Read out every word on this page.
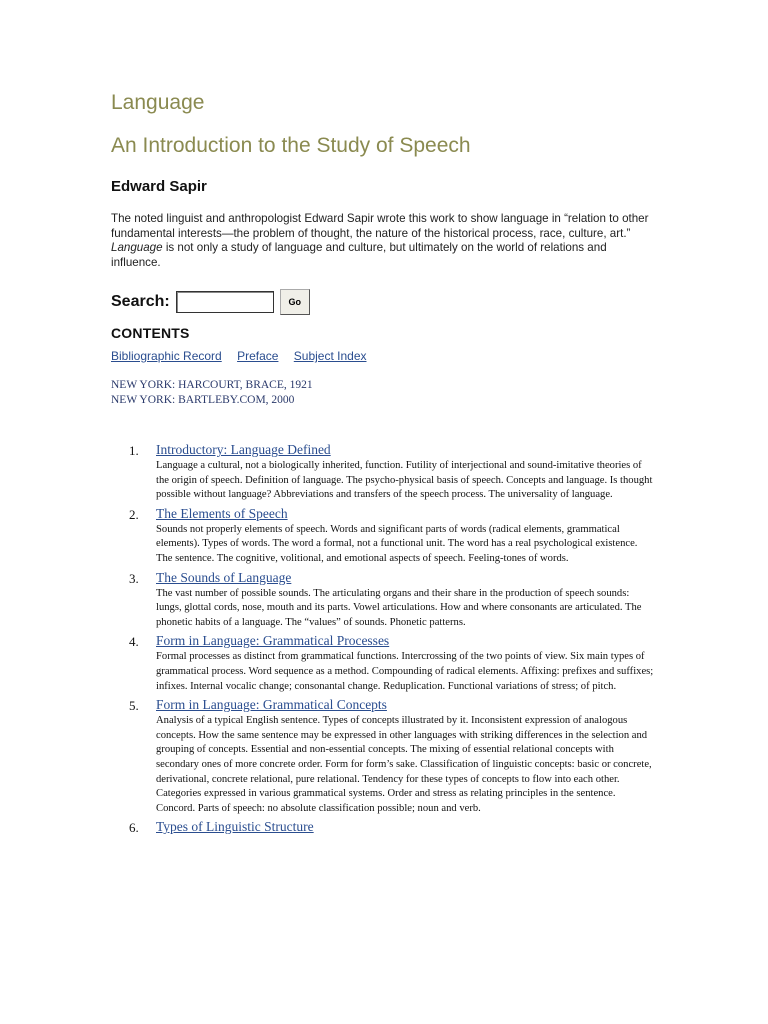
Language
An Introduction to the Study of Speech
Edward Sapir

The noted linguist and anthropologist Edward Sapir wrote this work to show language in “relation to other fundamental interests—the problem of thought, the nature of the historical process, race, culture, art.” Language is not only a study of language and culture, but ultimately on the world of relations and influence.

Search:	Go
CONTENTS
Bibliographic Record Preface Subject Index

NEW YORK: HARCOURT, BRACE, 1921
NEW YORK: BARTLEBY.COM, 2000

1.	Introductory: Language Defined

Language a cultural, not a biologically inherited, function. Futility of interjectional and sound-imitative theories of the origin of speech. Definition of language. The psycho-physical basis of speech. Concepts and language. Is thought possible without language? Abbreviations and transfers of the speech process. The universality of language.

2.	The Elements of Speech

Sounds not properly elements of speech. Words and significant parts of words (radical elements, grammatical elements). Types of words. The word a formal, not a functional unit. The word has a real psychological existence. The sentence. The cognitive, volitional, and emotional aspects of speech. Feeling-tones of words.

3.	The Sounds of Language

The vast number of possible sounds. The articulating organs and their share in the production of speech sounds: lungs, glottal cords, nose, mouth and its parts. Vowel articulations. How and where consonants are articulated. The phonetic habits of a language. The “values” of sounds. Phonetic patterns.

4.	Form in Language: Grammatical Processes

Formal processes as distinct from grammatical functions. Intercrossing of the two points of view. Six main types of grammatical process. Word sequence as a method. Compounding of radical elements. Affixing: prefixes and suffixes; infixes. Internal vocalic change; consonantal change. Reduplication. Functional variations of stress; of pitch.

5.	Form in Language: Grammatical Concepts

Analysis of a typical English sentence. Types of concepts illustrated by it. Inconsistent expression of analogous concepts. How the same sentence may be expressed in other languages with striking differences in the selection and grouping of concepts. Essential and non-essential concepts. The mixing of essential relational concepts with secondary ones of more concrete order. Form for form’s sake. Classification of linguistic concepts: basic or concrete, derivational, concrete relational, pure relational. Tendency for these types of concepts to flow into each other. Categories expressed in various grammatical systems. Order and stress as relating principles in the sentence. Concord. Parts of speech: no absolute classification possible; noun and verb.

6.	Types of Linguistic Structure
